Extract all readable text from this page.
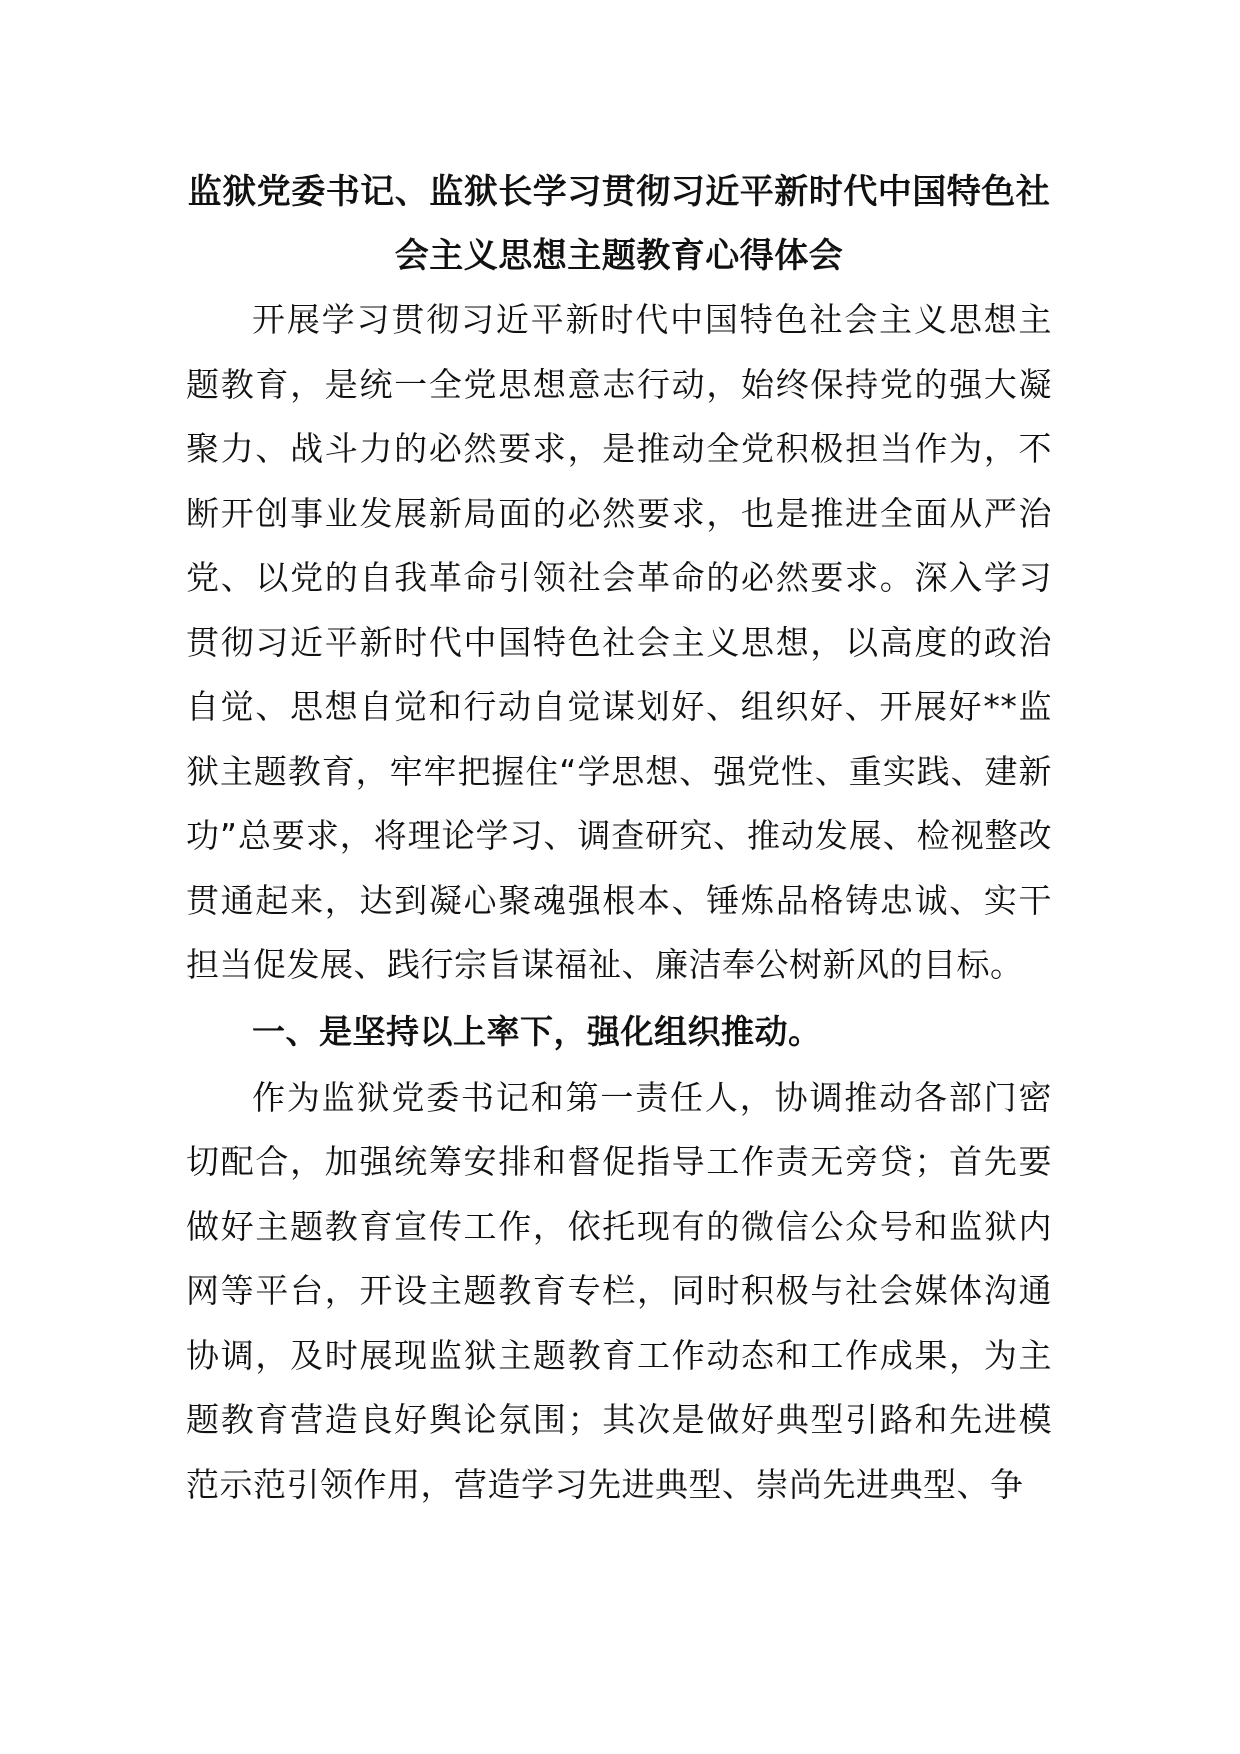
监狱党委书记、监狱长学习贯彻习近平新时代中国特色社会主义思想主题教育心得体会

开展学习贯彻习近平新时代中国特色社会主义思想主题教育，是统一全党思想意志行动，始终保持党的强大凝聚力、战斗力的必然要求，是推动全党积极担当作为，不断开创事业发展新局面的必然要求，也是推进全面从严治党、以党的自我革命引领社会革命的必然要求。深入学习贯彻习近平新时代中国特色社会主义思想，以高度的政治自觉、思想自觉和行动自觉谋划好、组织好、开展好**监狱主题教育，牢牢把握住“学思想、强党性、重实践、建新功”总要求，将理论学习、调查研究、推动发展、检视整改贯通起来，达到凝心聚魂强根本、锤炼品格铸忠诚、实干担当促发展、践行宗旨谋福祉、廉洁奉公树新风的目标。

一、是坚持以上率下，强化组织推动。

作为监狱党委书记和第一责任人，协调推动各部门密切配合，加强统筹安排和督促指导工作责无旁贷；首先要做好主题教育宣传工作，依托现有的微信公众号和监狱内网等平台，开设主题教育专栏，同时积极与社会媒体沟通协调，及时展现监狱主题教育工作动态和工作成果，为主题教育营造良好舆论氛围；其次是做好典型引路和先进模范示范引领作用，营造学习先进典型、崇尚先进典型、争
